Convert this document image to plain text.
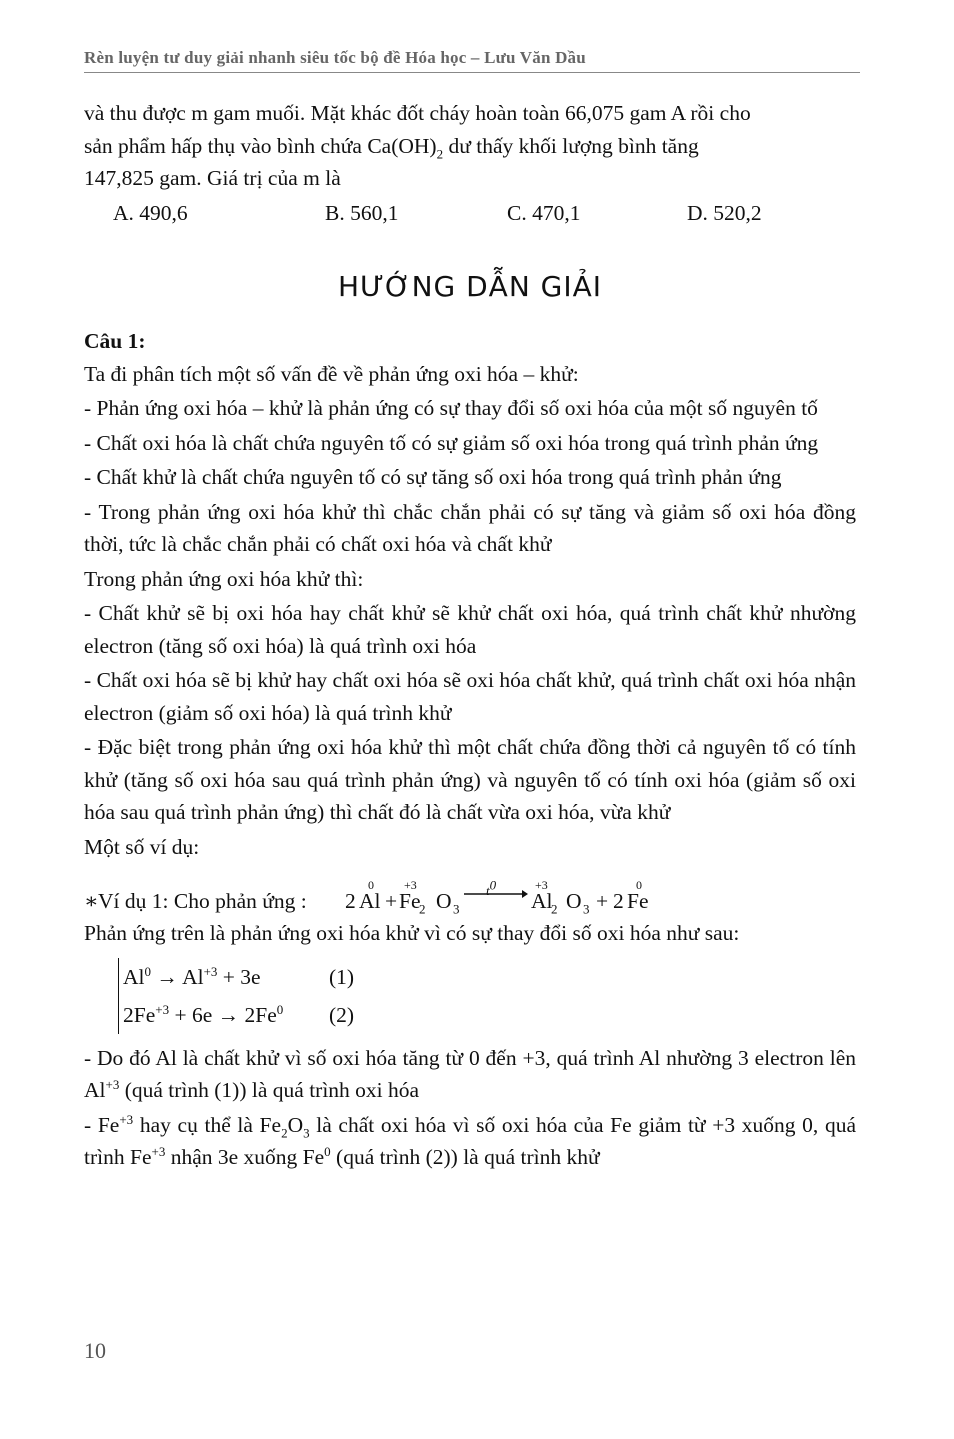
Rèn luyện tư duy giải nhanh siêu tốc bộ đề Hóa học – Lưu Văn Dầu
và thu được m gam muối. Mặt khác đốt cháy hoàn toàn 66,075 gam A rồi cho
sản phẩm hấp thụ vào bình chứa $Ca(OH)_2$ dư thấy khối lượng bình tăng
147,825 gam. Giá trị của m là
A. 490,6	B. 560,1	C. 470,1	D. 520,2
HƯỚNG DẪN GIẢI
Câu 1:
Ta đi phân tích một số vấn đề về phản ứng oxi hóa – khử:
- Phản ứng oxi hóa – khử là phản ứng có sự thay đổi số oxi hóa của một số nguyên tố
- Chất oxi hóa là chất chứa nguyên tố có sự giảm số oxi hóa trong quá trình phản ứng
- Chất khử là chất chứa nguyên tố có sự tăng số oxi hóa trong quá trình phản ứng
- Trong phản ứng oxi hóa khử thì chắc chắn phải có sự tăng và giảm số oxi hóa đồng thời, tức là chắc chắn phải có chất oxi hóa và chất khử
Trong phản ứng oxi hóa khử thì:
- Chất khử sẽ bị oxi hóa hay chất khử sẽ khử chất oxi hóa, quá trình chất khử nhường electron (tăng số oxi hóa) là quá trình oxi hóa
- Chất oxi hóa sẽ bị khử hay chất oxi hóa sẽ oxi hóa chất khử, quá trình chất oxi hóa nhận electron (giảm số oxi hóa) là quá trình khử
- Đặc biệt trong phản ứng oxi hóa khử thì một chất chứa đồng thời cả nguyên tố có tính khử (tăng số oxi hóa sau quá trình phản ứng) và nguyên tố có tính oxi hóa (giảm số oxi hóa sau quá trình phản ứng) thì chất đó là chất vừa oxi hóa, vừa khử
Một số ví dụ:
∗ Ví dụ 1: Cho phản ứng : 2 Al
0
+ Fe
+3
$_2$ O $_3$
$t^0$
Al
+3
$_2$ O $_3$ + 2 Fe
0
Phản ứng trên là phản ứng oxi hóa khử vì có sự thay đổi số oxi hóa như sau:
$Al^0 \to Al^{+3} + 3e$	(1)
$2Fe^{+3} + 6e \to 2Fe^0$ (2)
- Do đó Al là chất khử vì số oxi hóa tăng từ 0 đến +3, quá trình Al nhường 3 electron lên $Al^{+3}$ (quá trình (1)) là quá trình oxi hóa
- $Fe^{+3}$ hay cụ thể là $Fe_2O_3$ là chất oxi hóa vì số oxi hóa của Fe giảm từ +3 xuống 0, quá trình $Fe^{+3}$ nhận 3e xuống Fe$^0$ (quá trình (2)) là quá trình khử
10
